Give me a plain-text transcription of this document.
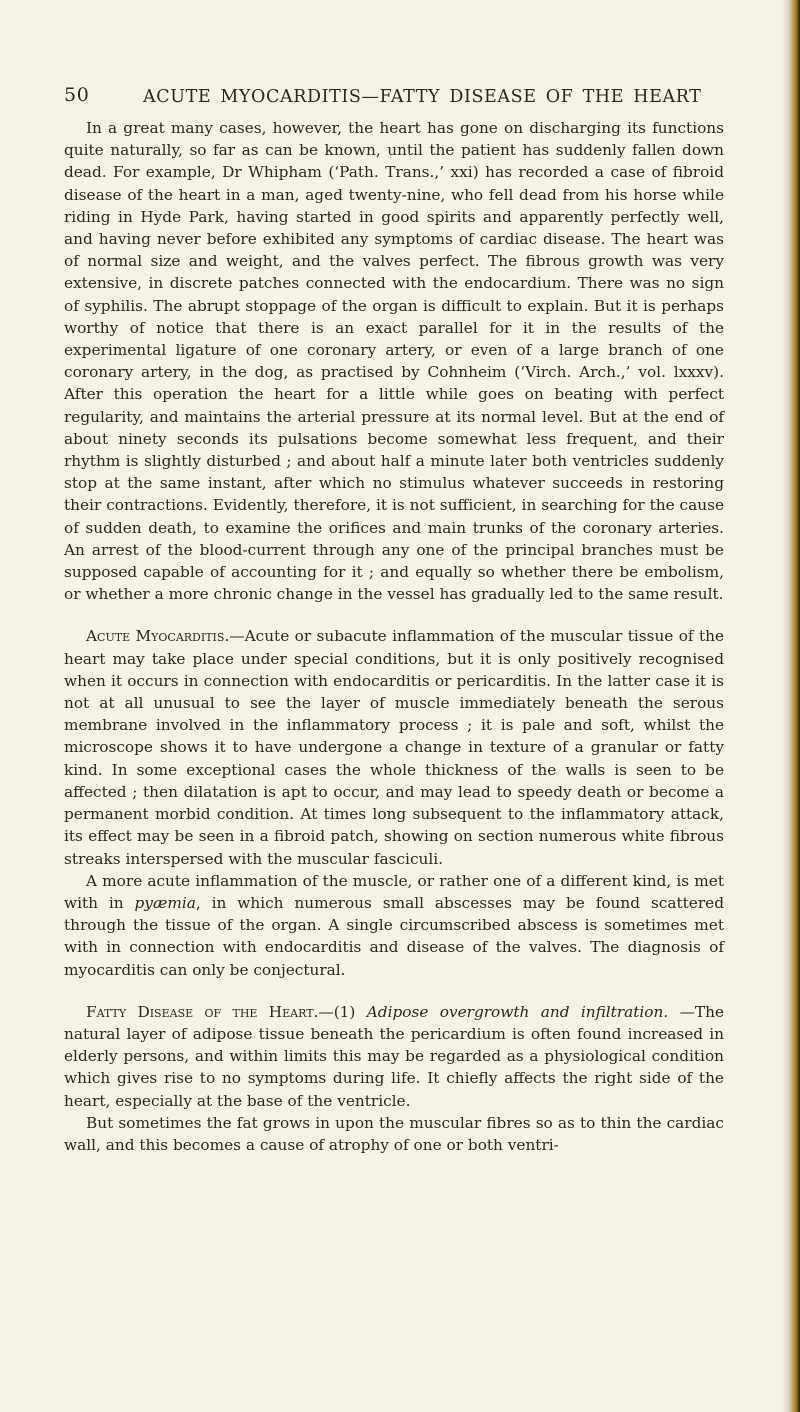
50	ACUTE MYOCARDITIS—FATTY DISEASE OF THE HEART

In a great many cases, however, the heart has gone on discharging its functions quite naturally, so far as can be known, until the patient has suddenly fallen down dead. For example, Dr Whipham (‘Path. Trans.,’ xxi) has recorded a case of fibroid disease of the heart in a man, aged twenty-nine, who fell dead from his horse while riding in Hyde Park, having started in good spirits and apparently perfectly well, and having never before exhibited any symptoms of cardiac disease. The heart was of normal size and weight, and the valves perfect. The fibrous growth was very extensive, in discrete patches connected with the endocardium. There was no sign of syphilis. The abrupt stoppage of the organ is difficult to explain. But it is perhaps worthy of notice that there is an exact parallel for it in the results of the experimental ligature of one coronary artery, or even of a large branch of one coronary artery, in the dog, as practised by Cohnheim (‘Virch. Arch.,’ vol. lxxxv). After this operation the heart for a little while goes on beating with perfect regularity, and maintains the arterial pressure at its normal level. But at the end of about ninety seconds its pulsations become somewhat less frequent, and their rhythm is slightly disturbed ; and about half a minute later both ventricles suddenly stop at the same instant, after which no stimulus whatever succeeds in restoring their contractions. Evidently, therefore, it is not sufficient, in searching for the cause of sudden death, to examine the orifices and main trunks of the coronary arteries. An arrest of the blood-current through any one of the principal branches must be supposed capable of accounting for it ; and equally so whether there be embolism, or whether a more chronic change in the vessel has gradually led to the same result.

Acute Myocarditis.—Acute or subacute inflammation of the muscular tissue of the heart may take place under special conditions, but it is only positively recognised when it occurs in connection with endocarditis or pericarditis. In the latter case it is not at all unusual to see the layer of muscle immediately beneath the serous membrane involved in the inflammatory process ; it is pale and soft, whilst the microscope shows it to have undergone a change in texture of a granular or fatty kind. In some exceptional cases the whole thickness of the walls is seen to be affected ; then dilatation is apt to occur, and may lead to speedy death or become a permanent morbid condition. At times long subsequent to the inflammatory attack, its effect may be seen in a fibroid patch, showing on section numerous white fibrous streaks interspersed with the muscular fasciculi.

A more acute inflammation of the muscle, or rather one of a different kind, is met with in pyæmia, in which numerous small abscesses may be found scattered through the tissue of the organ. A single circumscribed abscess is sometimes met with in connection with endocarditis and disease of the valves. The diagnosis of myocarditis can only be conjectural.

Fatty Disease of the Heart.—(1) Adipose overgrowth and infiltration. —The natural layer of adipose tissue beneath the pericardium is often found increased in elderly persons, and within limits this may be regarded as a physiological condition which gives rise to no symptoms during life. It chiefly affects the right side of the heart, especially at the base of the ventricle.

But sometimes the fat grows in upon the muscular fibres so as to thin the cardiac wall, and this becomes a cause of atrophy of one or both ventri-
